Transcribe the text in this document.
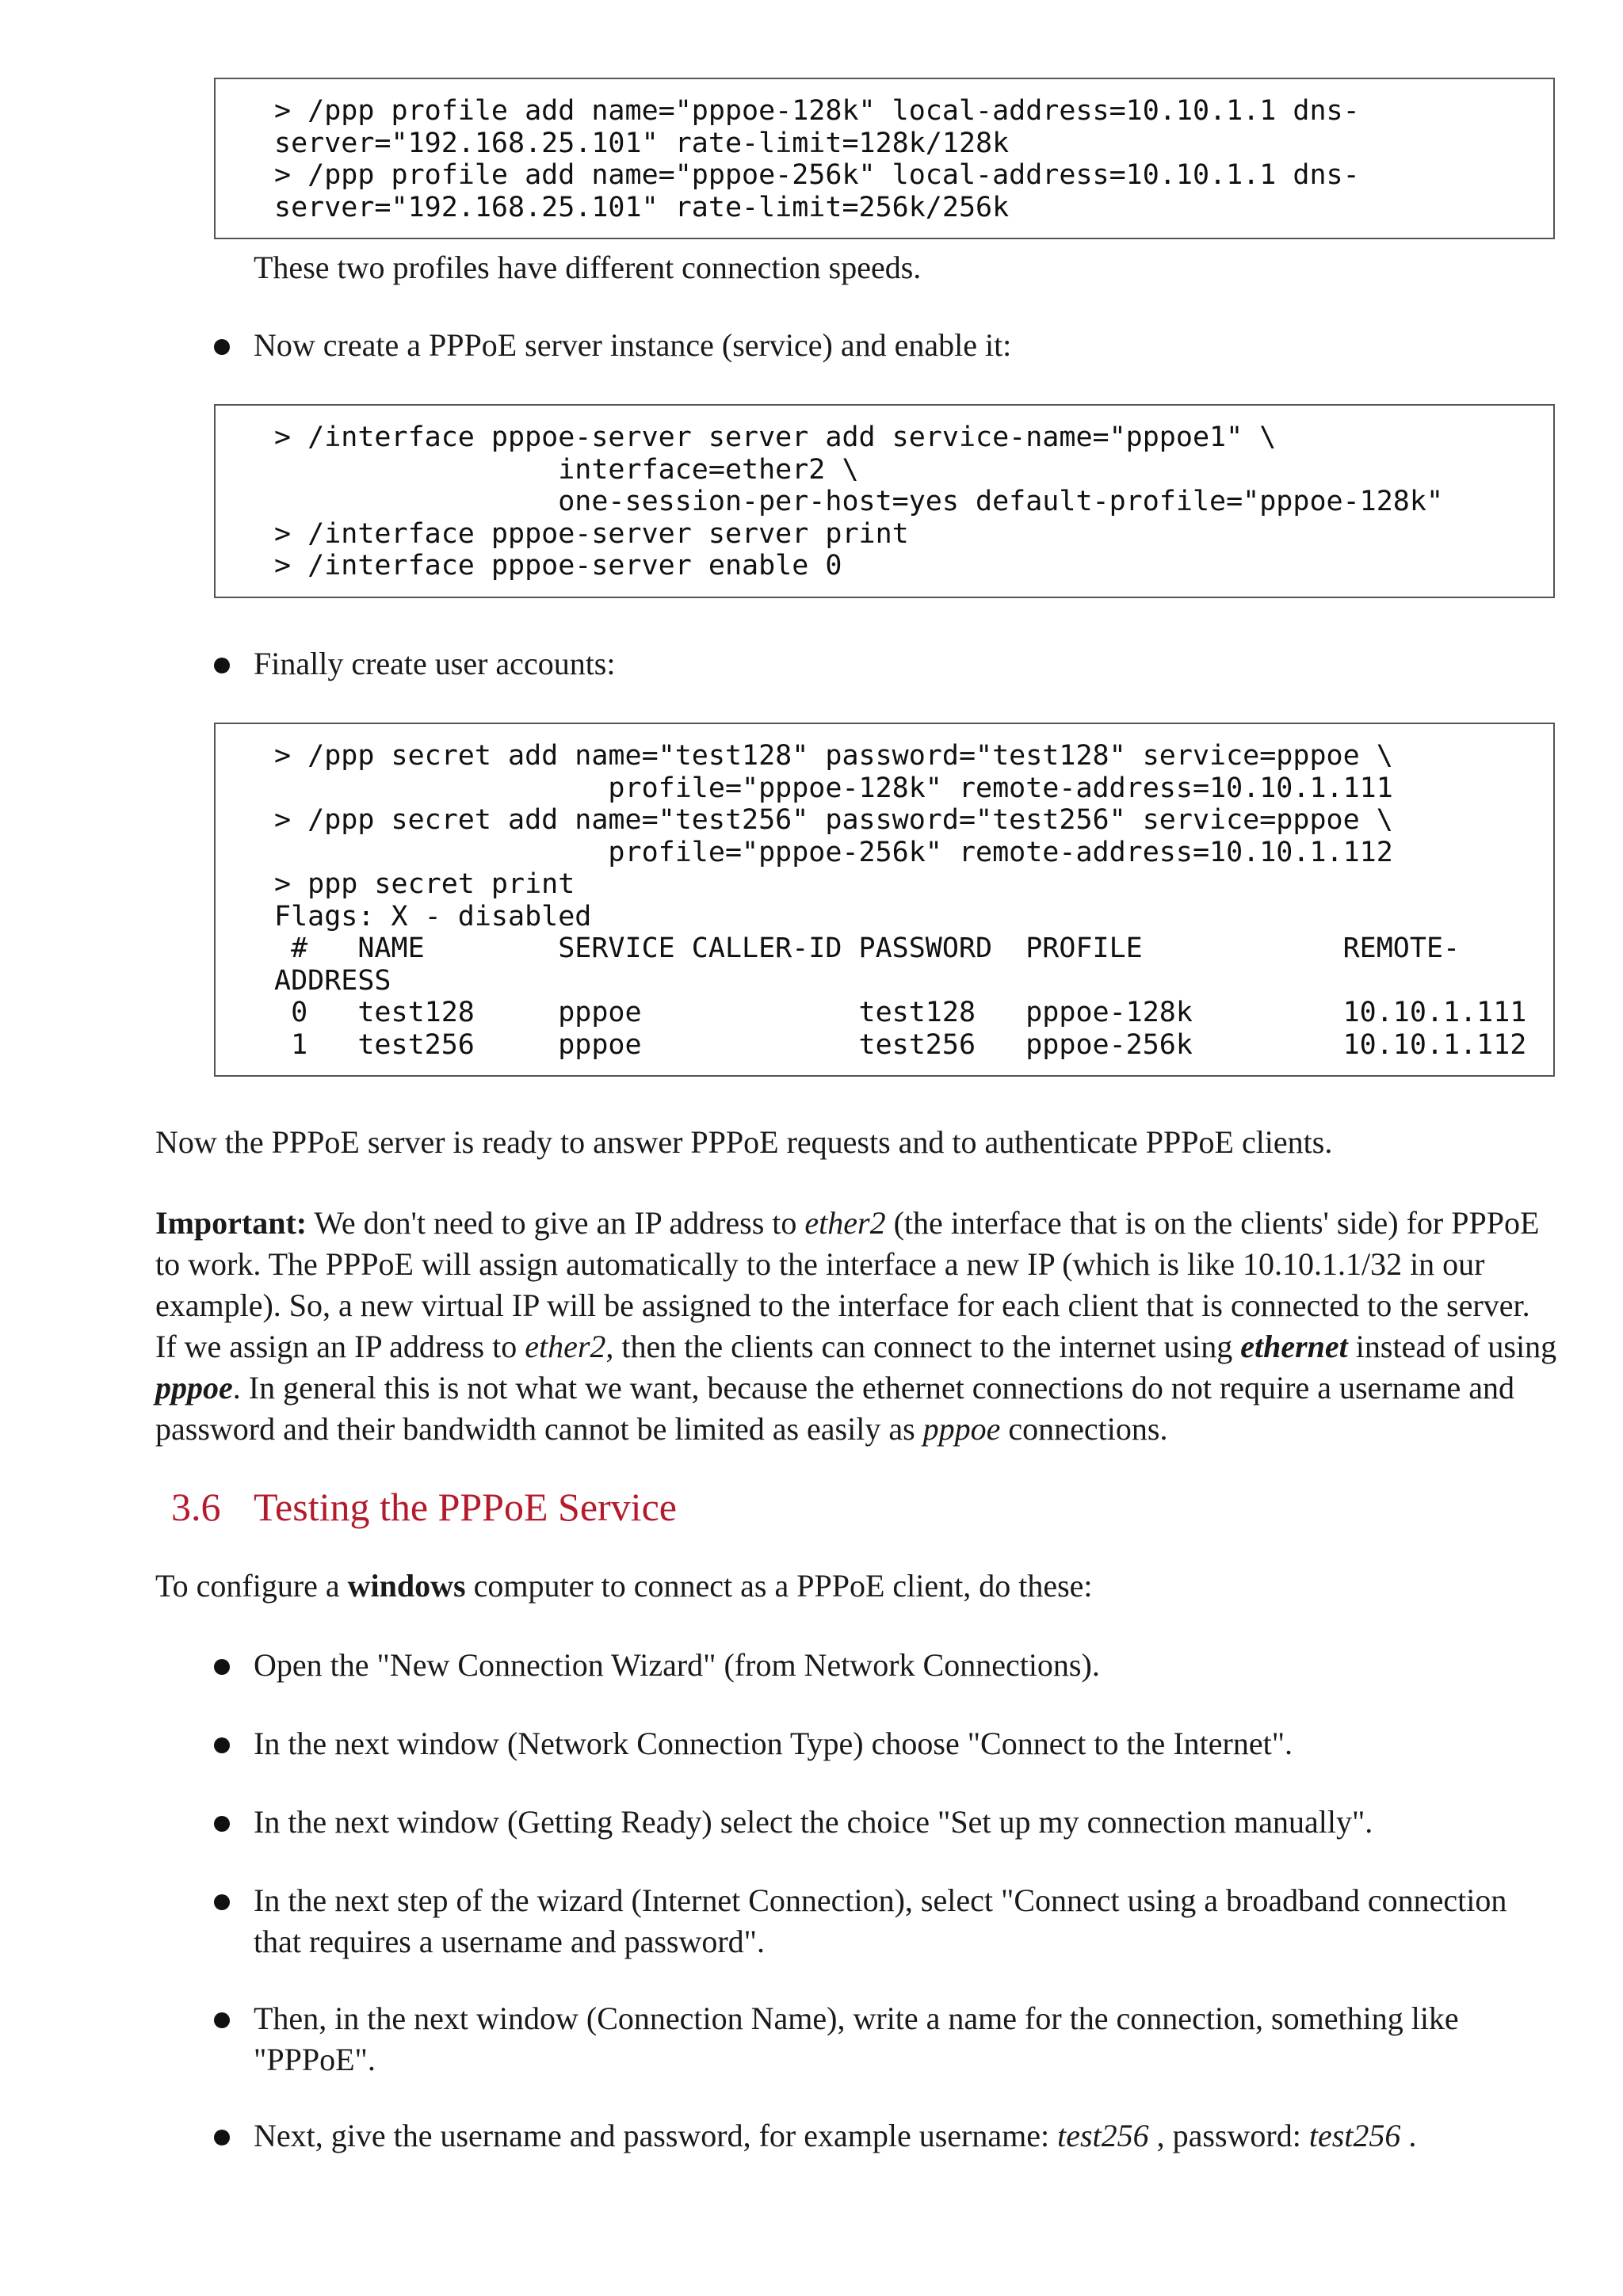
> /ppp profile add name="pppoe-128k" local-address=10.10.1.1 dns-
server="192.168.25.101" rate-limit=128k/128k
> /ppp profile add name="pppoe-256k" local-address=10.10.1.1 dns-
server="192.168.25.101" rate-limit=256k/256k

These two profiles have different connection speeds.

Now create a PPPoE server instance (service) and enable it:
> /interface pppoe-server server add service-name="pppoe1" \
interface=ether2 \
one-session-per-host=yes default-profile="pppoe-128k"
> /interface pppoe-server server print
> /interface pppoe-server enable 0
Finally create user accounts:
> /ppp secret add name="test128" password="test128" service=pppoe \
profile="pppoe-128k" remote-address=10.10.1.111
> /ppp secret add name="test256" password="test256" service=pppoe \
profile="pppoe-256k" remote-address=10.10.1.112
> ppp secret print
Flags: X - disabled
#   NAME        SERVICE CALLER-ID PASSWORD  PROFILE            REMOTE-
ADDRESS
0   test128     pppoe             test128   pppoe-128k         10.10.1.111
1   test256     pppoe             test256   pppoe-256k         10.10.1.112

Now the PPPoE server is ready to answer PPPoE requests and to authenticate PPPoE clients.

Important: We don't need to give an IP address to ether2 (the interface that is on the clients' side) for PPPoE to work. The PPPoE will assign automatically to the interface a new IP (which is like 10.10.1.1/32 in our example). So, a new virtual IP will be assigned to the interface for each client that is connected to the server. If we assign an IP address to ether2, then the clients can connect to the internet using ethernet instead of using pppoe. In general this is not what we want, because the ethernet connections do not require a username and password and their bandwidth cannot be limited as easily as pppoe connections.

3.6 Testing the PPPoE Service

To configure a windows computer to connect as a PPPoE client, do these:

Open the "New Connection Wizard" (from Network Connections).
In the next window (Network Connection Type) choose "Connect to the Internet".
In the next window (Getting Ready) select the choice "Set up my connection manually".
In the next step of the wizard (Internet Connection), select "Connect using a broadband connection that requires a username and password".
Then, in the next window (Connection Name), write a name for the connection, something like "PPPoE".
Next, give the username and password, for example username: test256 , password: test256 .
